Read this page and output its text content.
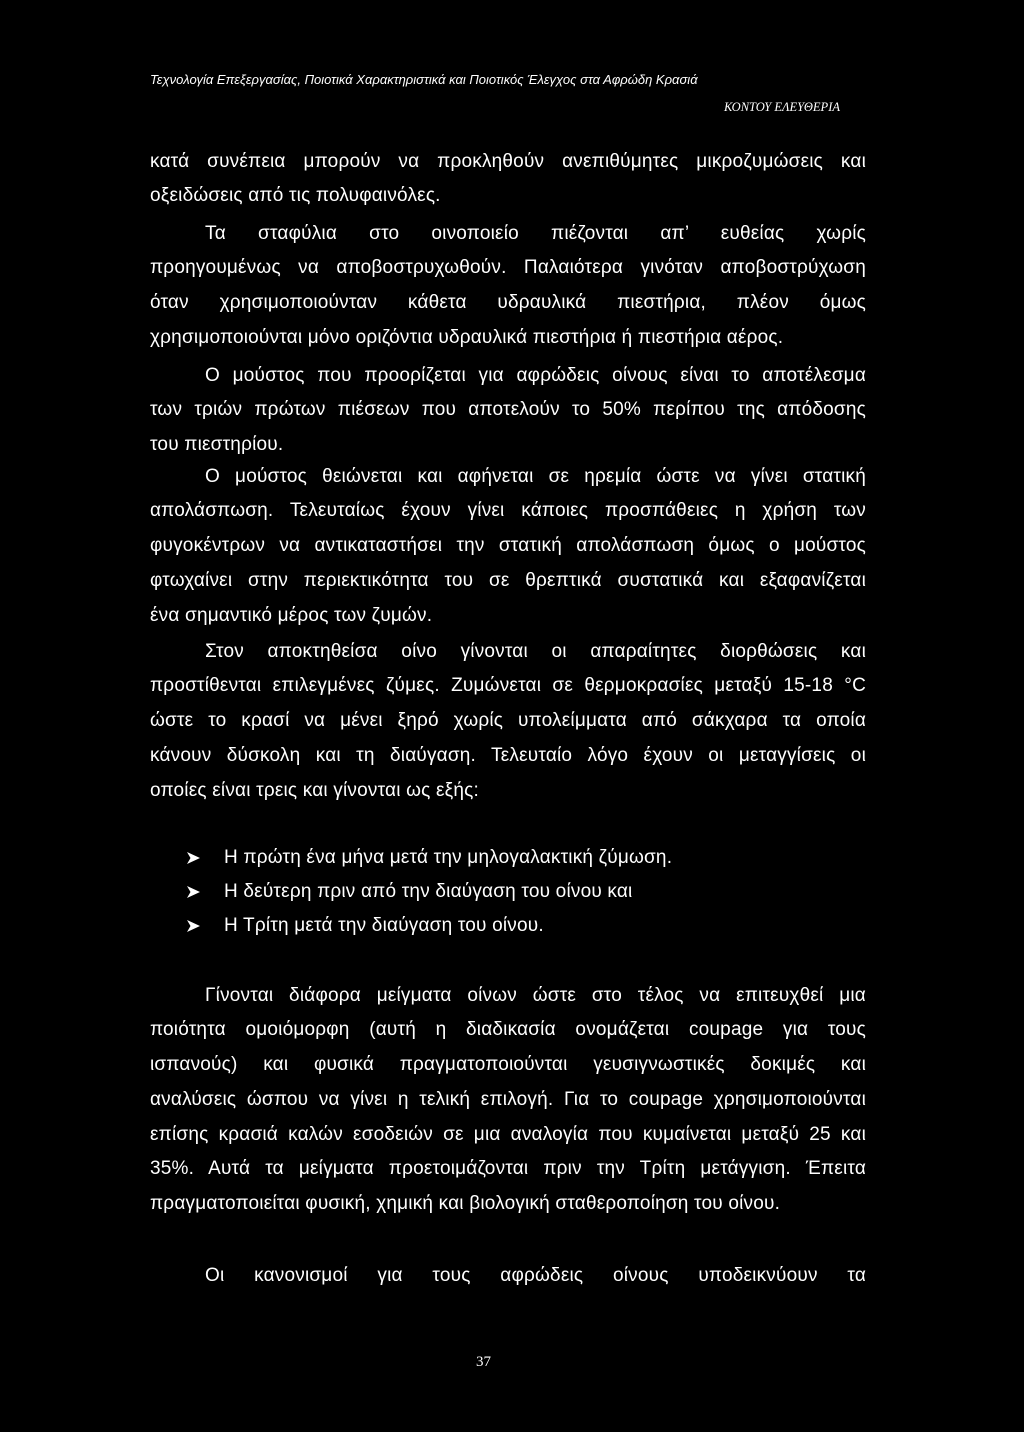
Τεχνολογία Επεξεργασίας, Ποιοτικά Χαρακτηριστικά και Ποιοτικός Έλεγχος στα Αφρώδη Κρασιά
ΚΟΝΤΟΥ ΕΛΕΥΘΕΡΙΑ
κατά συνέπεια μπορούν να προκληθούν ανεπιθύμητες μικροζυμώσεις και
οξειδώσεις από τις πολυφαινόλες.
Τα σταφύλια στο οινοποιείο πιέζονται απ’ ευθείας χωρίς
προηγουμένως να αποβοστρυχωθούν. Παλαιότερα γινόταν αποβοστρύχωση
όταν χρησιμοποιούνταν κάθετα υδραυλικά πιεστήρια, πλέον όμως
χρησιμοποιούνται μόνο οριζόντια υδραυλικά πιεστήρια ή πιεστήρια αέρος.
Ο μούστος που προορίζεται για αφρώδεις οίνους είναι το αποτέλεσμα
των τριών πρώτων πιέσεων που αποτελούν το 50% περίπου της απόδοσης
του πιεστηρίου.
Ο μούστος θειώνεται και αφήνεται σε ηρεμία ώστε να γίνει στατική
απολάσπωση. Τελευταίως έχουν γίνει κάποιες προσπάθειες η χρήση των
φυγοκέντρων να αντικαταστήσει την στατική απολάσπωση όμως ο μούστος
φτωχαίνει στην περιεκτικότητα του σε θρεπτικά συστατικά και εξαφανίζεται
ένα σημαντικό μέρος των ζυμών.
Στον αποκτηθείσα οίνο γίνονται οι απαραίτητες διορθώσεις και
προστίθενται επιλεγμένες ζύμες. Ζυμώνεται σε θερμοκρασίες μεταξύ 15-18 °C
ώστε το κρασί να μένει ξηρό χωρίς υπολείμματα από σάκχαρα τα οποία
κάνουν δύσκολη και τη διαύγαση. Τελευταίο λόγο έχουν οι μεταγγίσεις οι
οποίες είναι τρεις και γίνονται ως εξής:
Η πρώτη ένα μήνα μετά την μηλογαλακτική ζύμωση.
Η δεύτερη πριν από την διαύγαση του οίνου και
Η Τρίτη μετά την διαύγαση του οίνου.
Γίνονται διάφορα μείγματα οίνων ώστε στο τέλος να επιτευχθεί μια
ποιότητα ομοιόμορφη (αυτή η διαδικασία ονομάζεται coupage για τους
ισπανούς) και φυσικά πραγματοποιούνται γευσιγνωστικές δοκιμές και
αναλύσεις ώσπου να γίνει η τελική επιλογή. Για το coupage χρησιμοποιούνται
επίσης κρασιά καλών εσοδειών σε μια αναλογία που κυμαίνεται μεταξύ 25 και
35%. Αυτά τα μείγματα προετοιμάζονται πριν την Τρίτη μετάγγιση. Έπειτα
πραγματοποιείται φυσική, χημική και βιολογική σταθεροποίηση του οίνου.
Οι κανονισμοί για τους αφρώδεις οίνους υποδεικνύουν τα
37
